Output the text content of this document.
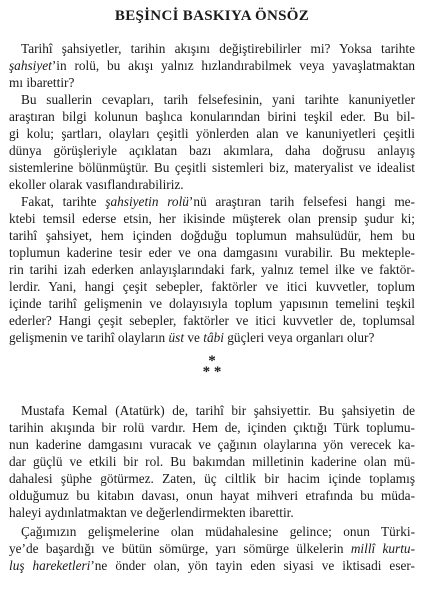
BEŞİNCİ BASKIYA ÖNSÖZ

Tarihî şahsiyetler, tarihin akışını değiştirebilirler mi? Yoksa tarihte

şahsiyet’in rolü, bu akışı yalnız hızlandırabilmek veya yavaşlatmaktan

mı ibarettir?

Bu suallerin cevapları, tarih felsefesinin, yani tarihte kanuniyetler

araştıran bilgi kolunun başlıca konularından birini teşkil eder. Bu bil-

gi kolu; şartları, olayları çeşitli yönlerden alan ve kanuniyetleri çeşitli

dünya görüşleriyle açıklatan bazı akımlara, daha doğrusu anlayış

sistemlerine bölünmüştür. Bu çeşitli sistemleri biz, materyalist ve idealist

ekoller olarak vasıflandırabiliriz.

Fakat, tarihte şahsiyetin rolü’nü araştıran tarih felsefesi hangi me-

ktebi temsil ederse etsin, her ikisinde müşterek olan prensip şudur ki;

tarihî şahsiyet, hem içinden doğduğu toplumun mahsulüdür, hem bu

toplumun kaderine tesir eder ve ona damgasını vurabilir. Bu mekteple-

rin tarihi izah ederken anlayışlarındaki fark, yalnız temel ilke ve faktör-

lerdir. Yani, hangi çeşit sebepler, faktörler ve itici kuvvetler, toplum

içinde tarihî gelişmenin ve dolayısıyla toplum yapısının temelini teşkil

ederler? Hangi çeşit sebepler, faktörler ve itici kuvvetler de, toplumsal

gelişmenin ve tarihî olayların üst ve tâbi güçleri veya organları olur?

*
* *

Mustafa Kemal (Atatürk) de, tarihî bir şahsiyettir. Bu şahsiyetin de

tarihin akışında bir rolü vardır. Hem de, içinden çıktığı Türk toplumu-

nun kaderine damgasını vuracak ve çağının olaylarına yön verecek ka-

dar güçlü ve etkili bir rol. Bu bakımdan milletinin kaderine olan mü-

dahalesi şüphe götürmez. Zaten, üç ciltlik bir hacim içinde toplamış

olduğumuz bu kitabın davası, onun hayat mihveri etrafında bu müda-

haleyi aydınlatmaktan ve değerlendirmekten ibarettir.

Çağımızın gelişmelerine olan müdahalesine gelince; onun Türki-

ye’de başardığı ve bütün sömürge, yarı sömürge ülkelerin millî kurtu-

luş hareketleri’ne önder olan, yön tayin eden siyasi ve iktisadi eser-
